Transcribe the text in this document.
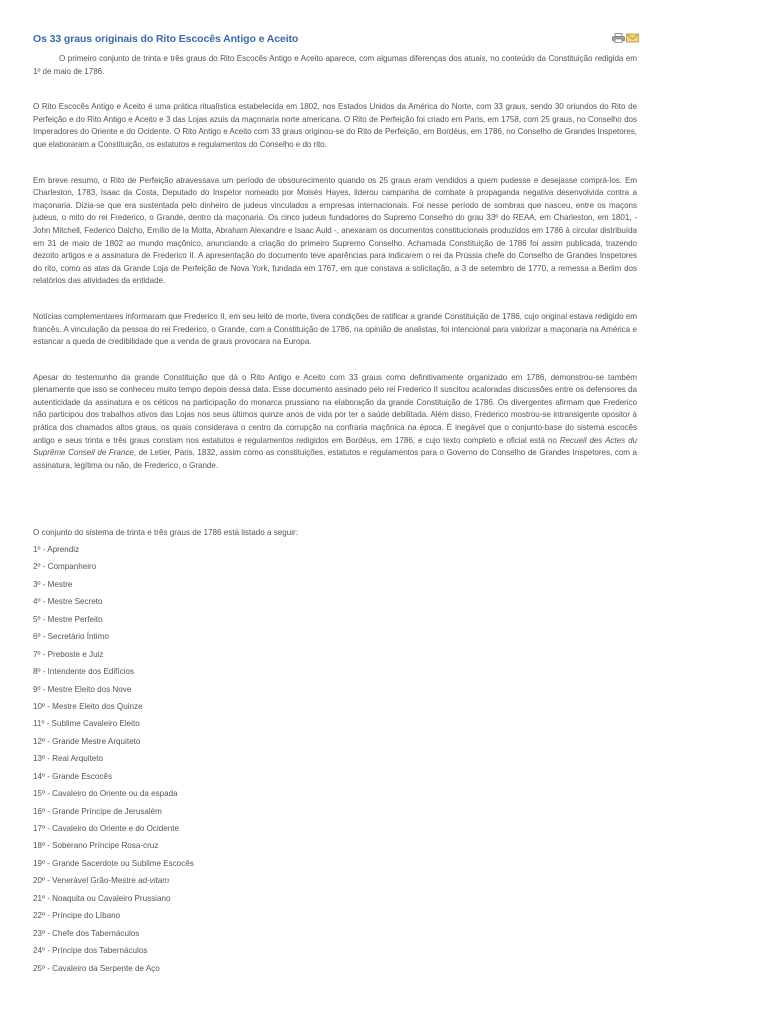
Os 33 graus originais do Rito Escocês Antigo e Aceito

O primeiro conjunto de trinta e três graus do Rito Escocês Antigo e Aceito aparece, com algumas diferenças dos atuais, no conteúdo da Constituição redigida em 1º de maio de 1786.

O Rito Escocês Antigo e Aceito é uma prática ritualística estabelecida em 1802, nos Estados Unidos da América do Norte, com 33 graus, sendo 30 oriundos do Rito de Perfeição e do Rito Antigo e Aceito e 3 das Lojas azuis da maçonaria norte americana. O Rito de Perfeição foi criado em Paris, em 1758, com 25 graus, no Conselho dos Imperadores do Oriente e do Ocidente. O Rito Antigo e Aceito com 33 graus originou-se do Rito de Perfeição, em Bordéus, em 1786, no Conselho de Grandes Inspetores, que elaboraram a Constituição, os estatutos e regulamentos do Conselho e do rito.

Em breve resumo, o Rito de Perfeição atravessava um período de obsourecimento quando os 25 graus eram vendidos a quem pudesse e desejasse comprá-los. Em Charleston, 1783, Isaac da Costa, Deputado do Inspetor nomeado por Moisés Hayes, liderou campanha de combate à propaganda negativa desenvolvida contra a maçonaria. Dizia-se que era sustentada pelo dinheiro de judeus vinculados a empresas internacionais. Foi nesse período de sombras que nasceu, entre os maçons judeus, o mito do rei Frederico, o Grande, dentro da maçonaria. Os cinco judeus fundadores do Supremo Conselho do grau 33º do REAA, em Charleston, em 1801, - John Mitchell, Federico Dalcho, Emílio de la Motta, Abraham Alexandre e Isaac Auld -, anexaram os documentos constitucionais produzidos em 1786 à circular distribuída em 31 de maio de 1802 ao mundo maçônico, anunciando a criação do primeiro Supremo Conselho. Achamada Constituição de 1786 foi assim publicada, trazendo dezoito artigos e a assinatura de Frederico II. A apresentação do documento teve aparências para indicarem o rei da Prússia chefe do Conselho de Grandes Inspetores do rito, como as atas da Grande Loja de Perfeição de Nova York, fundada em 1767, em que constava a solicitação, a 3 de setembro de 1770, a remessa a Berlim dos relatórios das atividades da entidade.

Notícias complementares informaram que Frederico II, em seu leito de morte, tivera condições de ratificar a grande Constituição de 1786, cujo original estava redigido em francês. A vinculação da pessoa do rei Frederico, o Grande, com a Constituição de 1786, na opinião de analistas, foi intencional para valorizar a maçonaria na América e estancar a queda de credibilidade que a venda de graus provocara na Europa.

Apesar do testemunho da grande Constituição que dá o Rito Antigo e Aceito com 33 graus como definitivamente organizado em 1786, demonstrou-se também plenamente que isso se conheceu muito tempo depois dessa data. Esse documento assinado pelo rei Frederico II suscitou acaloradas discussões entre os defensores da autenticidade da assinatura e os céticos na participação do monarca prussiano na elaboração da grande Constituição de 1786. Os divergentes afirmam que Frederico não participou dos trabalhos ativos das Lojas nos seus últimos quinze anos de vida por ter a saúde debilitada. Além disso, Frederico mostrou-se intransigente opositor à prática dos chamados altos graus, os quais considerava o centro da corrupção na confraria maçônica na época. É inegável que o conjunto-base do sistema escocês antigo e seus trinta e três graus constam nos estatutos e regulamentos redigidos em Bordéus, em 1786, e cujo texto completo e oficial está no Recueil des Actes du Suprême Conseil de France, de Letier, Paris, 1832, assim como as constituições, estatutos e regulamentos para o Governo do Conselho de Grandes Inspetores, com a assinatura, legítima ou não, de Frederico, o Grande.

O conjunto do sistema de trinta e três graus de 1786 está listado a seguir:
1º - Aprendiz
2º - Companheiro
3º - Mestre
4º - Mestre Secreto
5º - Mestre Perfeito
6º - Secretário Íntimo
7º - Preboste e Juiz
8º - Intendente dos Edifícios
9º - Mestre Eleito dos Nove
10º - Mestre Eleito dos Quinze
11º - Sublime Cavaleiro Eleito
12º - Grande Mestre Arquiteto
13º - Real Arquiteto
14º - Grande Escocês
15º - Cavaleiro do Oriente ou da espada
16º - Grande Príncipe de Jerusalém
17º - Cavaleiro do Oriente e do Ocidente
18º - Soberano Príncipe Rosa-cruz
19º - Grande Sacerdote ou Sublime Escocês
20º - Venerável Grão-Mestre ad-vitam
21º - Noaquita ou Cavaleiro Prussiano
22º - Príncipe do Líbano
23º - Chefe dos Tabernáculos
24º - Príncipe dos Tabernáculos
25º - Cavaleiro da Serpente de Aço
